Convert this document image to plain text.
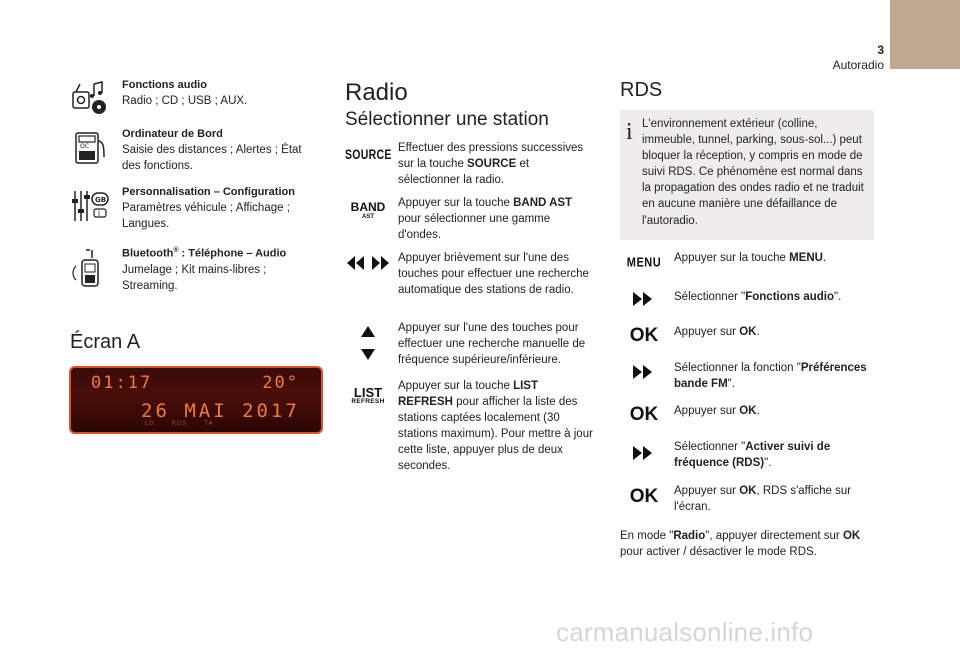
3
Autoradio
Fonctions audio
Radio ; CD ; USB ; AUX.
OC
Ordinateur de Bord
Saisie des distances ; Alertes ; État des fonctions.
GB
I
Personnalisation – Configuration
Paramètres véhicule ; Affichage ; Langues.
Bluetooth® : Téléphone – Audio
Jumelage ; Kit mains-libres ; Streaming.
Écran A
01:17	20°
26 MAI 2017
LO RDS TA
Radio
Sélectionner une station
SOURCE Effectuer des pressions successives sur la touche SOURCE et sélectionner la radio.
BAND
AST
Appuyer sur la touche BAND AST pour sélectionner une gamme d'ondes.
Appuyer brièvement sur l'une des touches pour effectuer une recherche automatique des stations de radio.
Appuyer sur l'une des touches pour effectuer une recherche manuelle de fréquence supérieure/inférieure.
LIST
REFRESH
Appuyer sur la touche LIST REFRESH pour afficher la liste des stations captées localement (30 stations maximum). Pour mettre à jour cette liste, appuyer plus de deux secondes.
RDS
i L'environnement extérieur (colline, immeuble, tunnel, parking, sous-sol...) peut bloquer la réception, y compris en mode de suivi RDS. Ce phénomène est normal dans la propagation des ondes radio et ne traduit en aucune manière une défaillance de l'autoradio.
MENU	Appuyer sur la touche MENU.
Sélectionner "Fonctions audio".
OK	Appuyer sur OK.
Sélectionner la fonction "Préférences bande FM".
OK	Appuyer sur OK.
Sélectionner "Activer suivi de fréquence (RDS)".
OK	Appuyer sur OK, RDS s'affiche sur l'écran.
En mode "Radio", appuyer directement sur OK pour activer / désactiver le mode RDS.
carmanualsonline.info
